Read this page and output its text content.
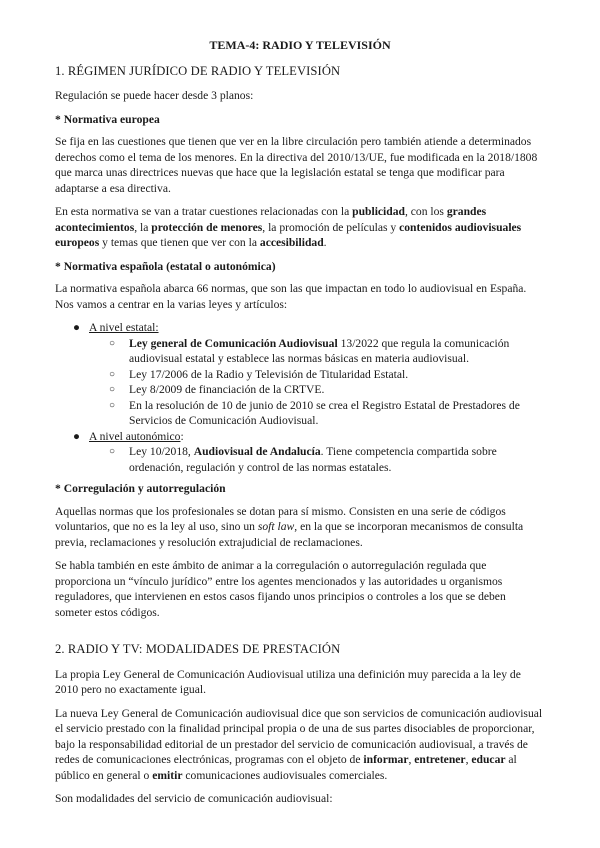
TEMA-4: RADIO Y TELEVISIÓN
1. RÉGIMEN JURÍDICO DE RADIO Y TELEVISIÓN

Regulación se puede hacer desde 3 planos:

* Normativa europea

Se fija en las cuestiones que tienen que ver en la libre circulación pero también atiende a determinados derechos como el tema de los menores. En la directiva del 2010/13/UE, fue modificada en la 2018/1808 que marca unas directrices nuevas que hace que la legislación estatal se tenga que modificar para adaptarse a esa directiva.

En esta normativa se van a tratar cuestiones relacionadas con la publicidad, con los grandes acontecimientos, la protección de menores, la promoción de películas y contenidos audiovisuales europeos y temas que tienen que ver con la accesibilidad.

* Normativa española (estatal o autonómica)

La normativa española abarca 66 normas, que son las que impactan en todo lo audiovisual en España. Nos vamos a centrar en la varias leyes y artículos:

● A nivel estatal:
○ Ley general de Comunicación Audiovisual 13/2022 que regula la comunicación audiovisual estatal y establece las normas básicas en materia audiovisual.
○ Ley 17/2006 de la Radio y Televisión de Titularidad Estatal.
○ Ley 8/2009 de financiación de la CRTVE.
○ En la resolución de 10 de junio de 2010 se crea el Registro Estatal de Prestadores de Servicios de Comunicación Audiovisual.
● A nivel autonómico:
○ Ley 10/2018, Audiovisual de Andalucía. Tiene competencia compartida sobre ordenación, regulación y control de las normas estatales.
* Corregulación y autorregulación

Aquellas normas que los profesionales se dotan para sí mismo. Consisten en una serie de códigos voluntarios, que no es la ley al uso, sino un soft law, en la que se incorporan mecanismos de consulta previa, reclamaciones y resolución extrajudicial de reclamaciones.

Se habla también en este ámbito de animar a la corregulación o autorregulación regulada que proporciona un “vínculo jurídico” entre los agentes mencionados y las autoridades u organismos reguladores, que intervienen en estos casos fijando unos principios o controles a los que se deben someter estos códigos.

2. RADIO Y TV: MODALIDADES DE PRESTACIÓN

La propia Ley General de Comunicación Audiovisual utiliza una definición muy parecida a la ley de 2010 pero no exactamente igual.

La nueva Ley General de Comunicación audiovisual dice que son servicios de comunicación audiovisual el servicio prestado con la finalidad principal propia o de una de sus partes disociables de proporcionar, bajo la responsabilidad editorial de un prestador del servicio de comunicación audiovisual, a través de redes de comunicaciones electrónicas, programas con el objeto de informar, entretener, educar al público en general o emitir comunicaciones audiovisuales comerciales.

Son modalidades del servicio de comunicación audiovisual:
